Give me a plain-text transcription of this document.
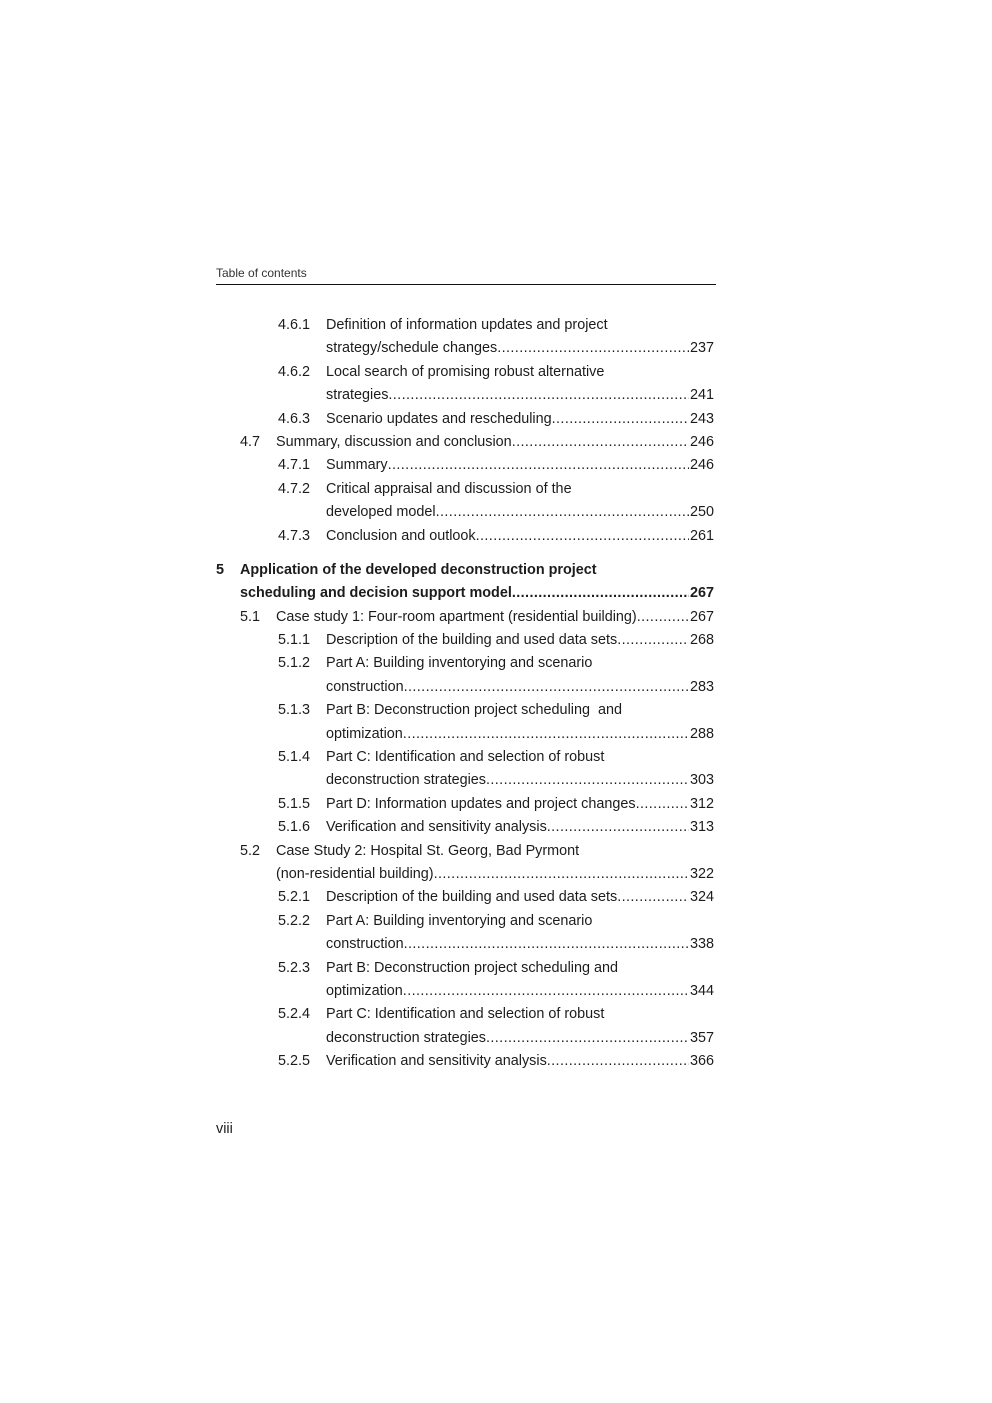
Table of contents
4.6.1 Definition of information updates and project
strategy/schedule changes .....	237
4.6.2 Local search of promising robust alternative
strategies .....	241
4.6.3 Scenario updates and rescheduling .....	243
4.7 Summary, discussion and conclusion .....	246
4.7.1 Summary .....	246
4.7.2 Critical appraisal and discussion of the
developed model .....	250
4.7.3 Conclusion and outlook .....	261
5 Application of the developed deconstruction project
scheduling and decision support model .....	267
5.1 Case study 1: Four-room apartment (residential building) .....	267
5.1.1 Description of the building and used data sets .....	268
5.1.2 Part A: Building inventorying and scenario
construction .....	283
5.1.3 Part B: Deconstruction project scheduling  and
optimization .....	288
5.1.4 Part C: Identification and selection of robust
deconstruction strategies .....	303
5.1.5 Part D: Information updates and project changes .....	312
5.1.6 Verification and sensitivity analysis .....	313
5.2 Case Study 2: Hospital St. Georg, Bad Pyrmont
(non-residential building) .....	322
5.2.1 Description of the building and used data sets .....	324
5.2.2 Part A: Building inventorying and scenario
construction .....	338
5.2.3 Part B: Deconstruction project scheduling and
optimization .....	344
5.2.4 Part C: Identification and selection of robust
deconstruction strategies .....	357
5.2.5 Verification and sensitivity analysis .....	366
viii
